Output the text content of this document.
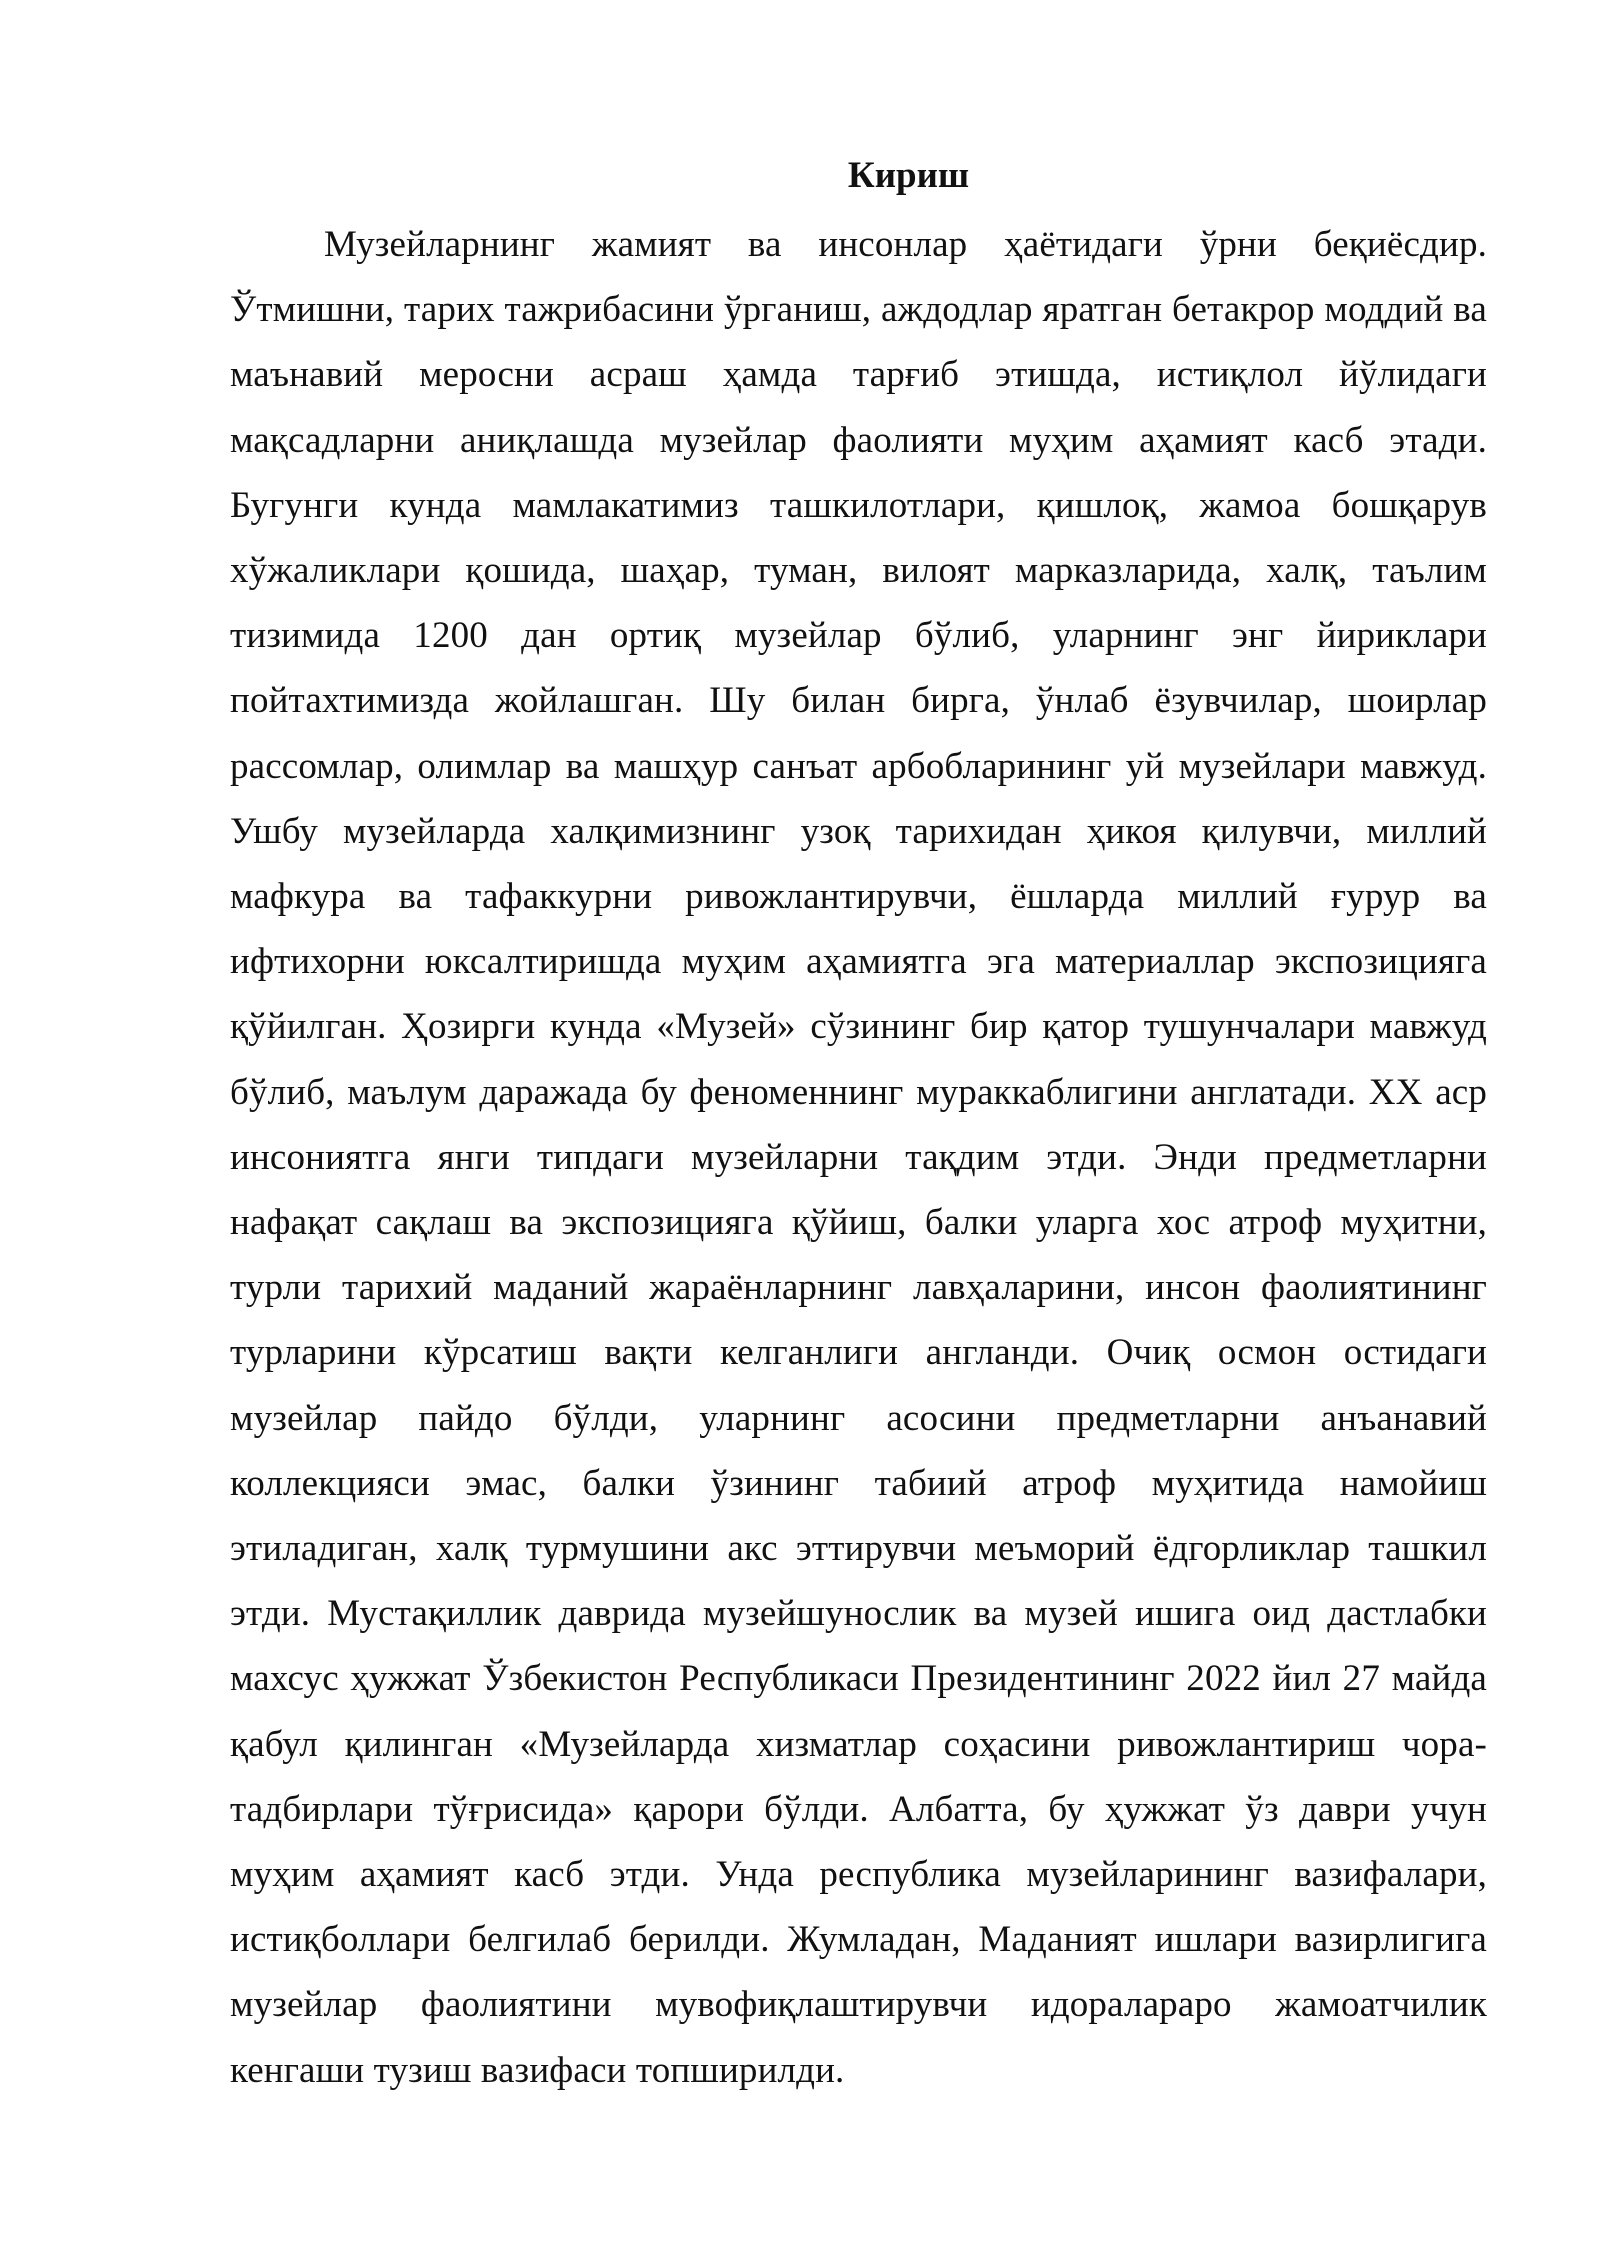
Кириш

Музейларнинг жамият ва инсонлар ҳаётидаги ўрни беқиёсдир. Ўтмишни, тарих тажрибасини ўрганиш, аждодлар яратган бетакрор моддий ва маънавий меросни асраш ҳамда тарғиб этишда, истиқлол йўлидаги мақсадларни аниқлашда музейлар фаолияти муҳим аҳамият касб этади. Бугунги кунда мамлакатимиз ташкилотлари, қишлоқ, жамоа бошқарув хўжаликлари қошида, шаҳар, туман, вилоят марказларида, халқ, таълим тизимида 1200 дан ортиқ музейлар бўлиб, уларнинг энг йириклари пойтахтимизда жойлашган. Шу билан бирга, ўнлаб ёзувчилар, шоирлар рассомлар, олимлар ва машҳур санъат арбобларининг уй музейлари мавжуд. Ушбу музейларда халқимизнинг узоқ тарихидан ҳикоя қилувчи, миллий мафкура ва тафаккурни ривожлантирувчи, ёшларда миллий ғурур ва ифтихорни юксалтиришда муҳим аҳамиятга эга материаллар экспозицияга қўйилган. Ҳозирги кунда «Музей» сўзининг бир қатор тушунчалари мавжуд бўлиб, маълум даражада бу феноменнинг мураккаблигини англатади. XX аср инсониятга янги типдаги музейларни тақдим этди. Энди предметларни нафақат сақлаш ва экспозицияга қўйиш, балки уларга хос атроф муҳитни, турли тарихий маданий жараёнларнинг лавҳаларини, инсон фаолиятининг турларини кўрсатиш вақти келганлиги англанди. Очиқ осмон остидаги музейлар пайдо бўлди, уларнинг асосини предметларни анъанавий коллекцияси эмас, балки ўзининг табиий атроф муҳитида намойиш этиладиган, халқ турмушини акс эттирувчи меъморий ёдгорликлар ташкил этди. Мустақиллик даврида музейшунослик ва музей ишига оид дастлабки махсус ҳужжат Ўзбекистон Республикаси Президентининг 2022 йил 27 майда қабул қилинган «Музейларда хизматлар соҳасини ривожлантириш чора-тадбирлари тўғрисида» қарори бўлди. Албатта, бу ҳужжат ўз даври учун муҳим аҳамият касб этди. Унда республика музейларининг вазифалари, истиқболлари белгилаб берилди. Жумладан, Маданият ишлари вазирлигига музейлар фаолиятини мувофиқлаштирувчи идоралараро жамоатчилик кенгаши тузиш вазифаси топширилди.
